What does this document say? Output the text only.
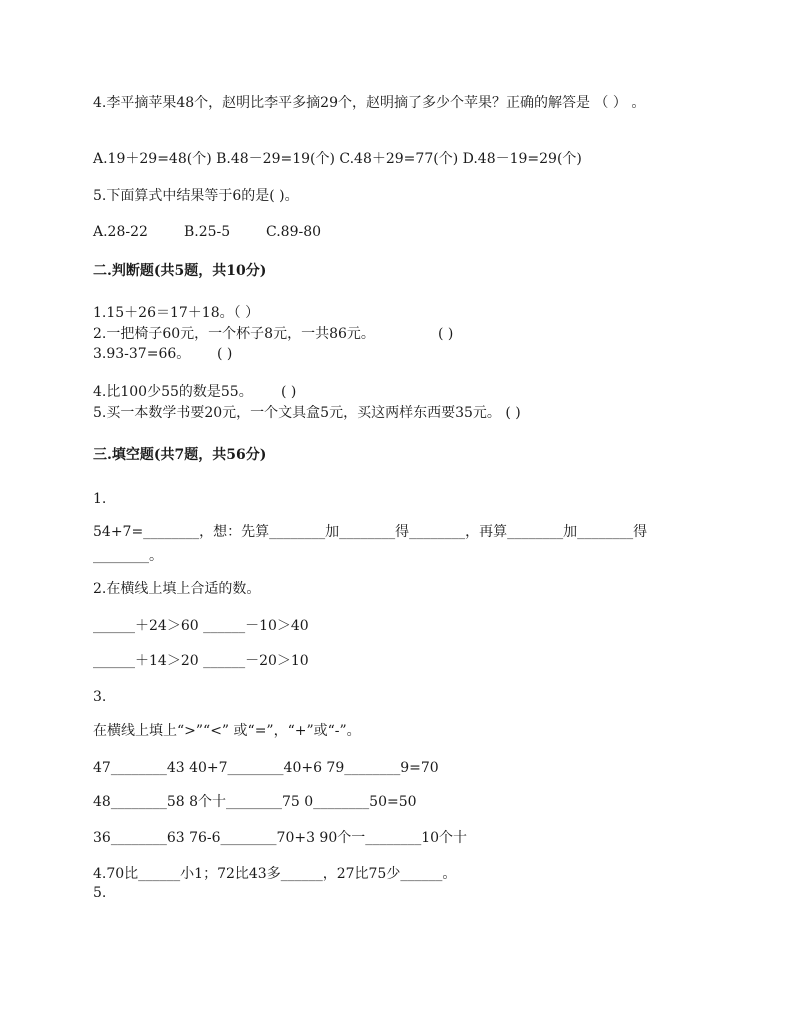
4.李平摘苹果48个，赵明比李平多摘29个，赵明摘了多少个苹果？正确的解答是 （ ） 。
A.19＋29=48(个) B.48－29=19(个) C.48＋29=77(个) D.48－19=29(个)
5.下面算式中结果等于6的是( )。
A.28-22	B.25-5	C.89-80
二.判断题(共5题，共10分)
1.15＋26＝17＋18。（ ）
2.一把椅子60元，一个杯子8元，一共86元。	( )
3.93-37=66。 ( )
4.比100少55的数是55。 ( )
5.买一本数学书要20元，一个文具盒5元，买这两样东西要35元。 ( )
三.填空题(共7题，共56分)
1.
54+7=________，想：先算________加________得________，再算________加________得
________。
2.在横线上填上合适的数。
______＋24＞60 ______－10＞40
______＋14＞20 ______－20＞10
3.
在横线上填上“>”“<” 或“=”，“+”或“-”。
47________43 40+7________40+6 79________9=70
48________58 8个十________75 0________50=50
36________63 76-6________70+3 90个一________10个十
4.70比______小1；72比43多______，27比75少______。
5.
